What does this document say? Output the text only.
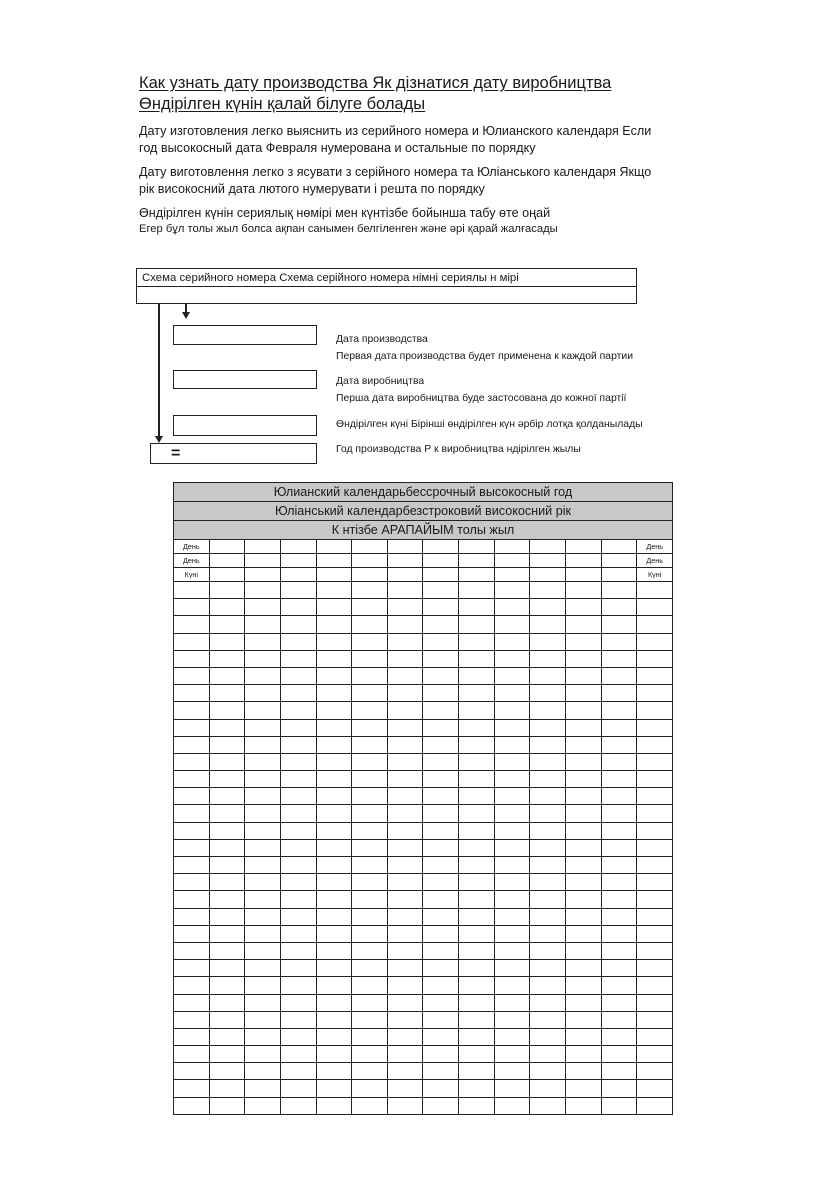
Как узнать дату производства Як дізнатися дату виробництва
Өндірілген күнін қалай білуге болады
Дату изготовления легко выяснить из серийного номера и Юлианского календаря Если
год высокосный дата Февраля нумерована и остальные по порядку
Дату виготовлення легко з ясувати з серійного номера та Юліанського календаря Якщо
рік високосний дата лютого нумерувати і решта по порядку
Өндірілген күнін сериялық нөмірі мен күнтізбе бойынша табу өте оңай
Егер бұл толы жыл болса ақпан санымен белгіленген және әрі қарай жалғасады
Схема серийного номера Схема серійного номера німні сериялы н мірі
=
Дата производства
Первая дата производства будет применена к каждой партии
Дата виробництва
Перша дата виробництва буде застосована до кожної партії
Өндірілген күні Бірінші өндірілген күн әрбір лотқа қолданылады
Год производства Р к виробництва ндірілген жылы
Юлианский календарьбессрочный высокосный год													
Юліанський календарбезстроковий високосний рік													
К нтізбе АРАПАЙЫМ толы жыл													
День													День
День													День
Күні													Күні
